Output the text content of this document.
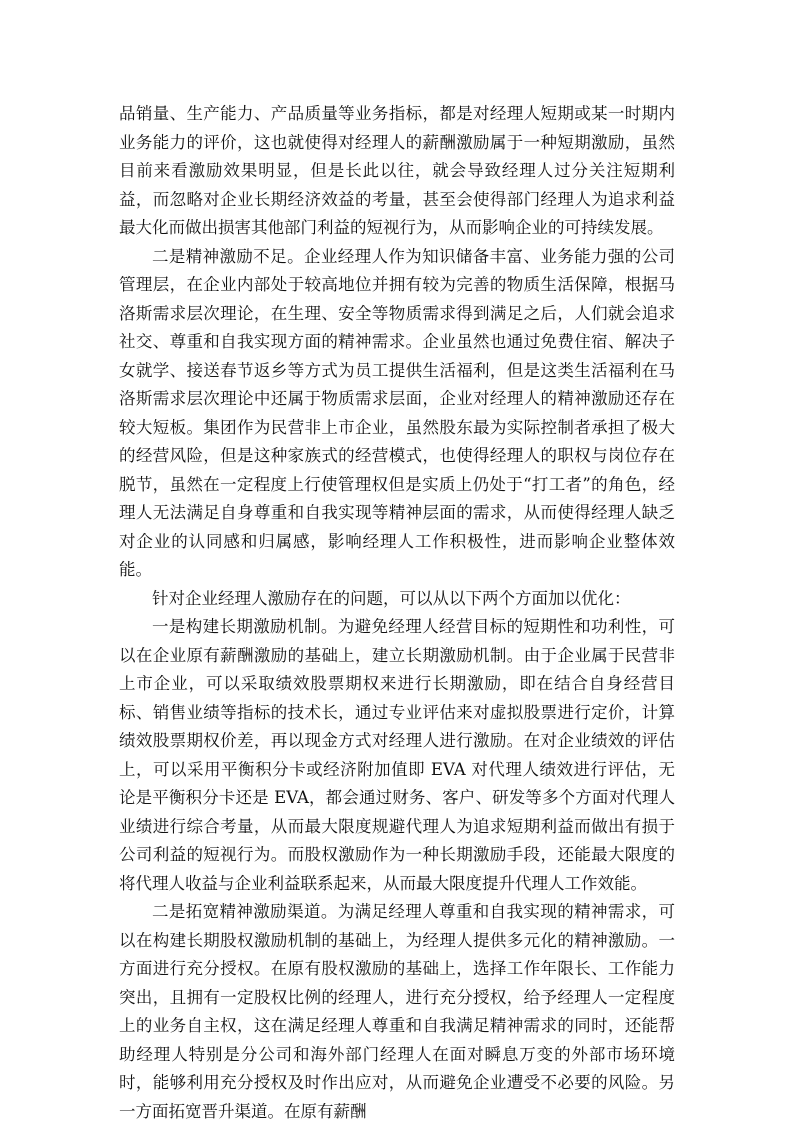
品销量、生产能力、产品质量等业务指标，都是对经理人短期或某一时期内业务能力的评价，这也就使得对经理人的薪酬激励属于一种短期激励，虽然目前来看激励效果明显，但是长此以往，就会导致经理人过分关注短期利益，而忽略对企业长期经济效益的考量，甚至会使得部门经理人为追求利益最大化而做出损害其他部门利益的短视行为，从而影响企业的可持续发展。

二是精神激励不足。企业经理人作为知识储备丰富、业务能力强的公司管理层，在企业内部处于较高地位并拥有较为完善的物质生活保障，根据马洛斯需求层次理论，在生理、安全等物质需求得到满足之后，人们就会追求社交、尊重和自我实现方面的精神需求。企业虽然也通过免费住宿、解决子女就学、接送春节返乡等方式为员工提供生活福利，但是这类生活福利在马洛斯需求层次理论中还属于物质需求层面，企业对经理人的精神激励还存在较大短板。集团作为民营非上市企业，虽然股东最为实际控制者承担了极大的经营风险，但是这种家族式的经营模式，也使得经理人的职权与岗位存在脱节，虽然在一定程度上行使管理权但是实质上仍处于“打工者”的角色，经理人无法满足自身尊重和自我实现等精神层面的需求，从而使得经理人缺乏对企业的认同感和归属感，影响经理人工作积极性，进而影响企业整体效能。

针对企业经理人激励存在的问题，可以从以下两个方面加以优化：

一是构建长期激励机制。为避免经理人经营目标的短期性和功利性，可以在企业原有薪酬激励的基础上，建立长期激励机制。由于企业属于民营非上市企业，可以采取绩效股票期权来进行长期激励，即在结合自身经营目标、销售业绩等指标的技术长，通过专业评估来对虚拟股票进行定价，计算绩效股票期权价差，再以现金方式对经理人进行激励。在对企业绩效的评估上，可以采用平衡积分卡或经济附加值即 EVA 对代理人绩效进行评估，无论是平衡积分卡还是 EVA，都会通过财务、客户、研发等多个方面对代理人业绩进行综合考量，从而最大限度规避代理人为追求短期利益而做出有损于公司利益的短视行为。而股权激励作为一种长期激励手段，还能最大限度的将代理人收益与企业利益联系起来，从而最大限度提升代理人工作效能。

二是拓宽精神激励渠道。为满足经理人尊重和自我实现的精神需求，可以在构建长期股权激励机制的基础上，为经理人提供多元化的精神激励。一方面进行充分授权。在原有股权激励的基础上，选择工作年限长、工作能力突出，且拥有一定股权比例的经理人，进行充分授权，给予经理人一定程度上的业务自主权，这在满足经理人尊重和自我满足精神需求的同时，还能帮助经理人特别是分公司和海外部门经理人在面对瞬息万变的外部市场环境时，能够利用充分授权及时作出应对，从而避免企业遭受不必要的风险。另一方面拓宽晋升渠道。在原有薪酬
